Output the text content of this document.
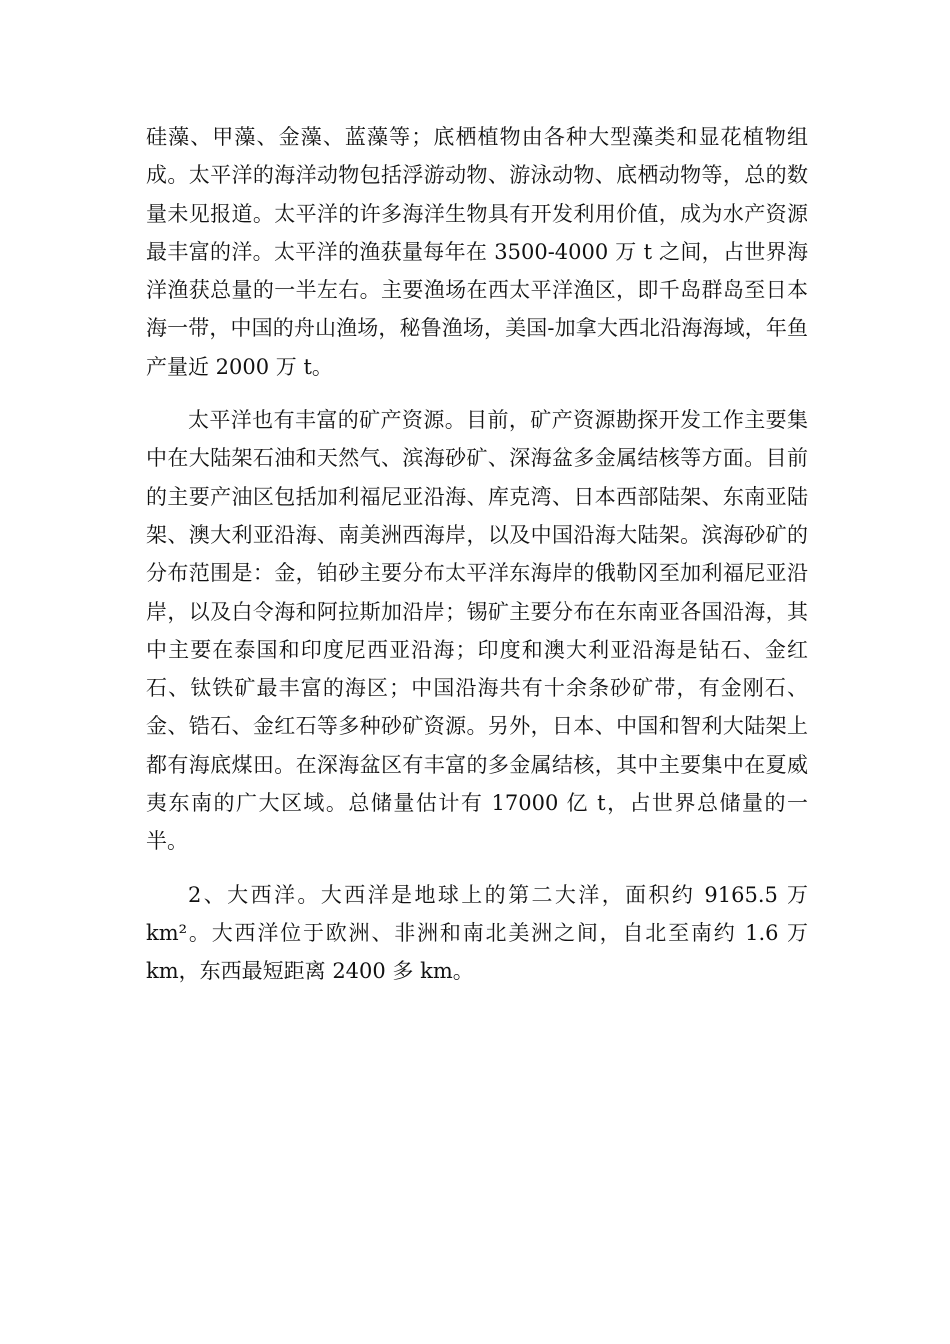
硅藻、甲藻、金藻、蓝藻等；底栖植物由各种大型藻类和显花植物组成。太平洋的海洋动物包括浮游动物、游泳动物、底栖动物等，总的数量未见报道。太平洋的许多海洋生物具有开发利用价值，成为水产资源最丰富的洋。太平洋的渔获量每年在 3500-4000 万 t 之间，占世界海洋渔获总量的一半左右。主要渔场在西太平洋渔区，即千岛群岛至日本海一带，中国的舟山渔场，秘鲁渔场，美国-加拿大西北沿海海域，年鱼产量近 2000 万 t。

太平洋也有丰富的矿产资源。目前，矿产资源勘探开发工作主要集中在大陆架石油和天然气、滨海砂矿、深海盆多金属结核等方面。目前的主要产油区包括加利福尼亚沿海、库克湾、日本西部陆架、东南亚陆架、澳大利亚沿海、南美洲西海岸，以及中国沿海大陆架。滨海砂矿的分布范围是：金，铂砂主要分布太平洋东海岸的俄勒冈至加利福尼亚沿岸，以及白令海和阿拉斯加沿岸；锡矿主要分布在东南亚各国沿海，其中主要在泰国和印度尼西亚沿海；印度和澳大利亚沿海是钻石、金红石、钛铁矿最丰富的海区；中国沿海共有十余条砂矿带，有金刚石、金、锆石、金红石等多种砂矿资源。另外，日本、中国和智利大陆架上都有海底煤田。在深海盆区有丰富的多金属结核，其中主要集中在夏威夷东南的广大区域。总储量估计有 17000 亿 t，占世界总储量的一半。

2、大西洋。大西洋是地球上的第二大洋，面积约 9165.5 万 km²。大西洋位于欧洲、非洲和南北美洲之间，自北至南约 1.6 万 km，东西最短距离 2400 多 km。
